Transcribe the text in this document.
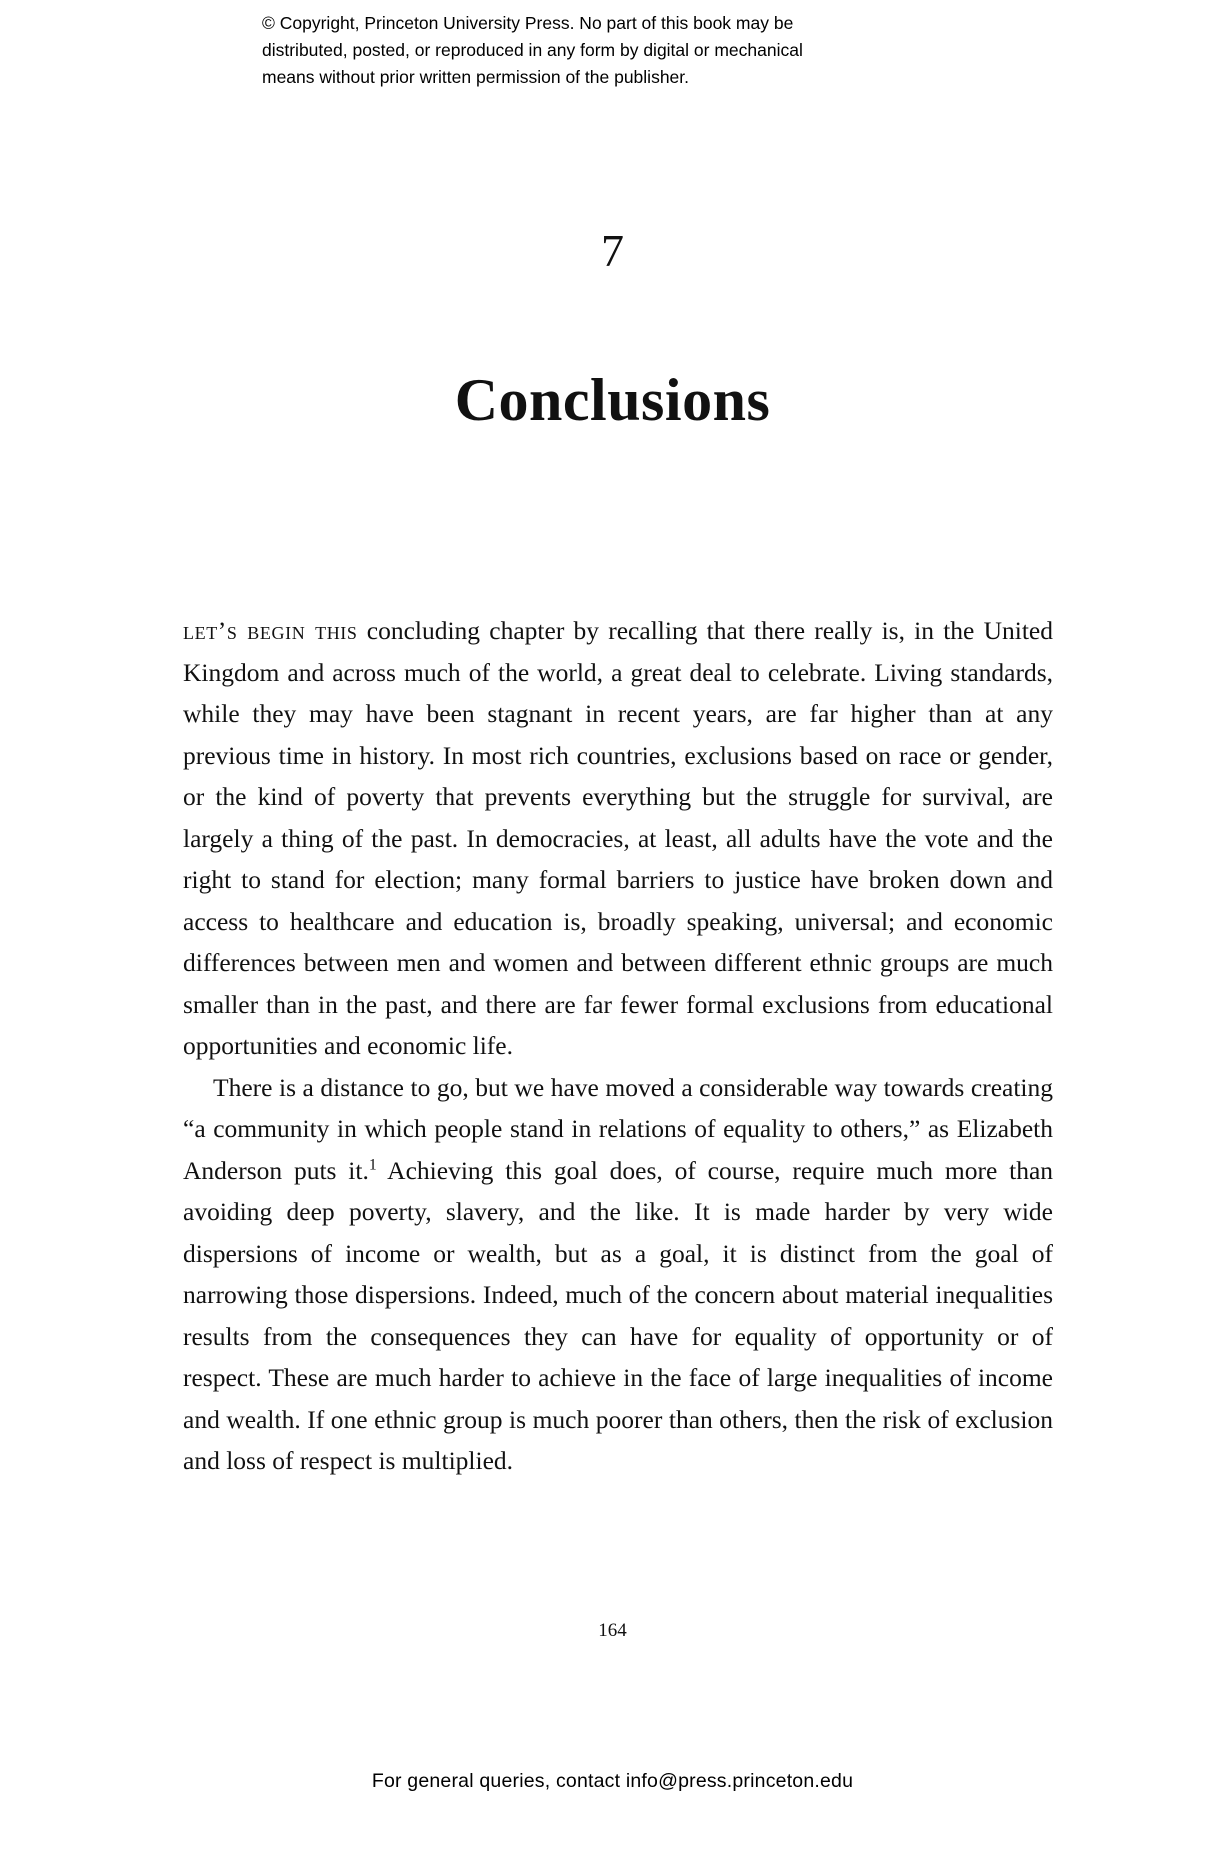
© Copyright, Princeton University Press. No part of this book may be
distributed, posted, or reproduced in any form by digital or mechanical
means without prior written permission of the publisher.
7
Conclusions

let’s begin this concluding chapter by recalling that there really is, in the United Kingdom and across much of the world, a great deal to celebrate. Living standards, while they may have been stagnant in recent years, are far higher than at any previous time in history. In most rich countries, exclusions based on race or gender, or the kind of poverty that prevents everything but the struggle for survival, are largely a thing of the past. In democracies, at least, all adults have the vote and the right to stand for election; many formal barriers to justice have broken down and access to healthcare and education is, broadly speaking, universal; and economic differences between men and women and between different ethnic groups are much smaller than in the past, and there are far fewer formal exclusions from educational opportunities and economic life.

There is a distance to go, but we have moved a considerable way towards creating “a community in which people stand in relations of equality to others,” as Elizabeth Anderson puts it.$^1$ Achieving this goal does, of course, require much more than avoiding deep poverty, slavery, and the like. It is made harder by very wide dispersions of income or wealth, but as a goal, it is distinct from the goal of narrowing those dispersions. Indeed, much of the concern about material inequalities results from the consequences they can have for equality of opportunity or of respect. These are much harder to achieve in the face of large inequalities of income and wealth. If one ethnic group is much poorer than others, then the risk of exclusion and loss of respect is multiplied.

164
For general queries, contact info@press.princeton.edu
